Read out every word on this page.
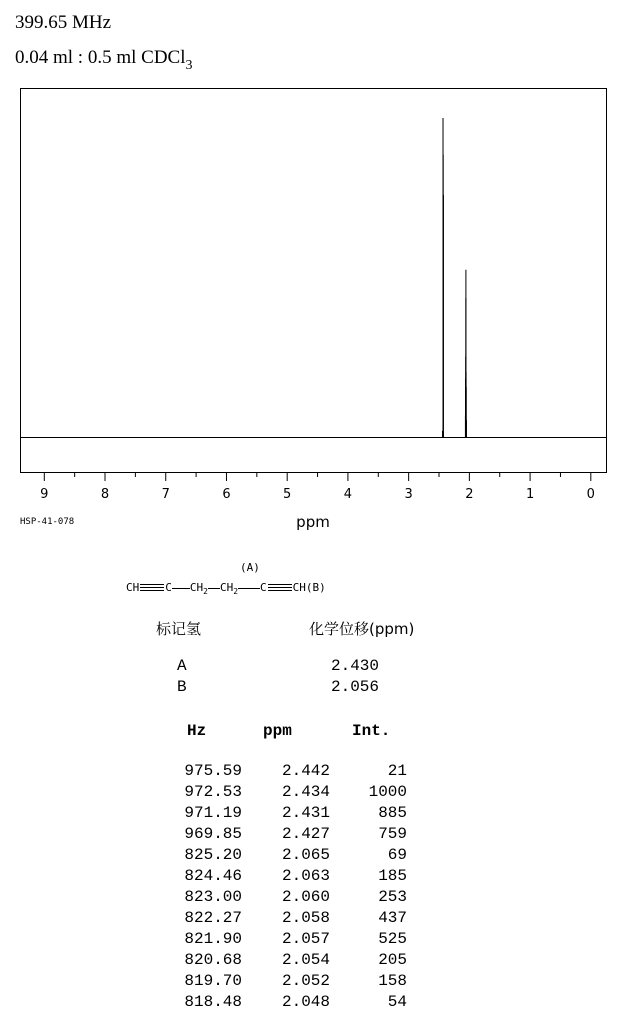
399.65 MHz
0.04 ml : 0.5 ml CDCl$_3$
9	8	7	6	5	4	3	2	1	0
ppm
HSP-41-078
(A)
CH C $CH_2$ $CH_2$ C CH(B)
标记氢	化学位移(ppm)
A	2.430
B	2.056
Hz	ppm	Int.
975.59	2.442	21
972.53	2.434	1000
971.19	2.431	885
969.85	2.427	759
825.20	2.065	69
824.46	2.063	185
823.00	2.060	253
822.27	2.058	437
821.90	2.057	525
820.68	2.054	205
819.70	2.052	158
818.48	2.048	54
